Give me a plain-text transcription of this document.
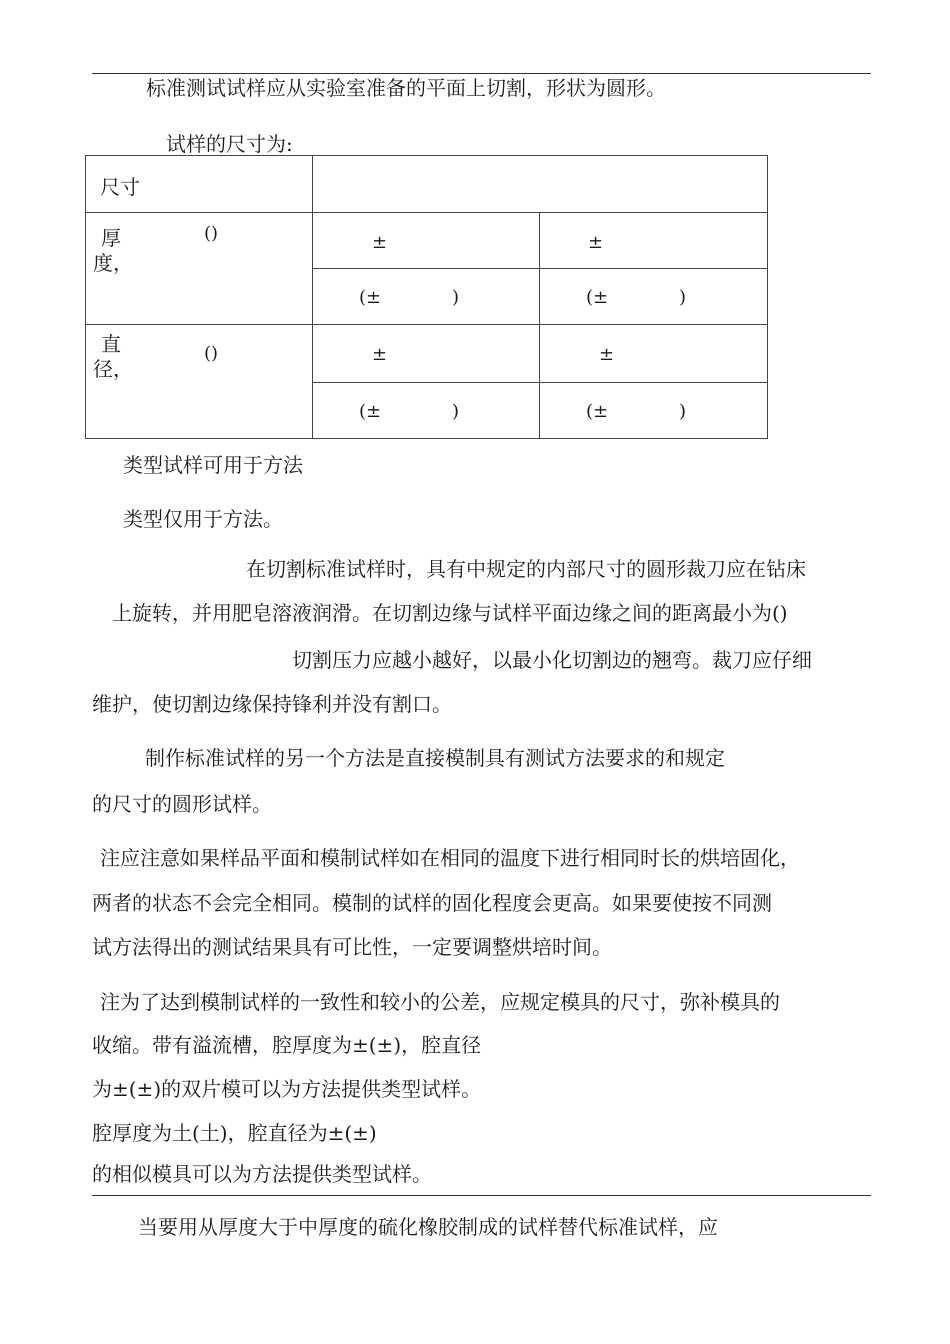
标准测试试样应从实验室准备的平面上切割，形状为圆形。
试样的尺寸为:
尺寸		

厚
度，
()	±	±

	(± )	(± )

直
径，
()	±	±

	(± )	(± )
类型试样可用于方法
类型仅用于方法。
在切割标准试样时，具有中规定的内部尺寸的圆形裁刀应在钻床
上旋转，并用肥皂溶液润滑。在切割边缘与试样平面边缘之间的距离最小为()
切割压力应越小越好，以最小化切割边的翘弯。裁刀应仔细
维护，使切割边缘保持锋利并没有割口。
制作标准试样的另一个方法是直接模制具有测试方法要求的和规定
的尺寸的圆形试样。
注应注意如果样品平面和模制试样如在相同的温度下进行相同时长的烘培固化，
两者的状态不会完全相同。模制的试样的固化程度会更高。如果要使按不同测
试方法得出的测试结果具有可比性，一定要调整烘培时间。
注为了达到模制试样的一致性和较小的公差，应规定模具的尺寸，弥补模具的
收缩。带有溢流槽，腔厚度为±(±)，腔直径
为±(±)的双片模可以为方法提供类型试样。
腔厚度为土(土)，腔直径为±(±)
的相似模具可以为方法提供类型试样。
当要用从厚度大于中厚度的硫化橡胶制成的试样替代标准试样，应
